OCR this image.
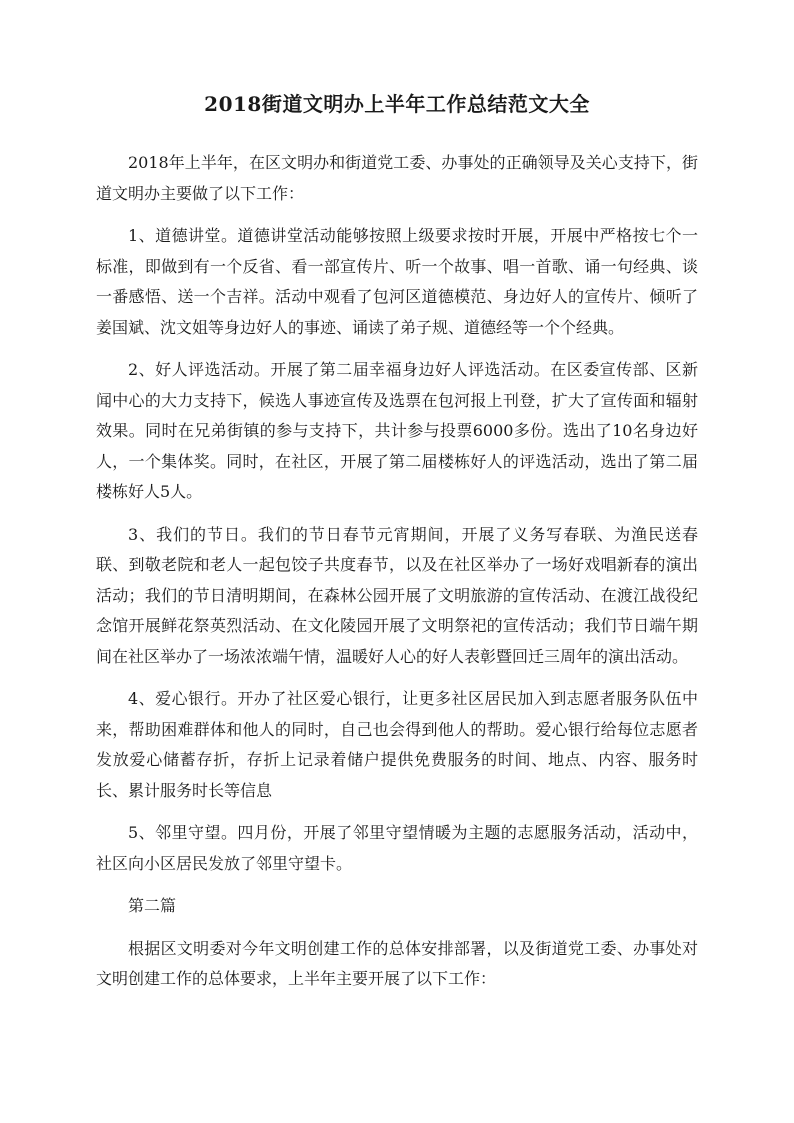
2018街道文明办上半年工作总结范文大全

2018年上半年，在区文明办和街道党工委、办事处的正确领导及关心支持下，街道文明办主要做了以下工作：

1、道德讲堂。道德讲堂活动能够按照上级要求按时开展，开展中严格按七个一标准，即做到有一个反省、看一部宣传片、听一个故事、唱一首歌、诵一句经典、谈一番感悟、送一个吉祥。活动中观看了包河区道德模范、身边好人的宣传片、倾听了姜国斌、沈文姐等身边好人的事迹、诵读了弟子规、道德经等一个个经典。

2、好人评选活动。开展了第二届幸福身边好人评选活动。在区委宣传部、区新闻中心的大力支持下，候选人事迹宣传及选票在包河报上刊登，扩大了宣传面和辐射效果。同时在兄弟街镇的参与支持下，共计参与投票6000多份。选出了10名身边好人，一个集体奖。同时，在社区，开展了第二届楼栋好人的评选活动，选出了第二届楼栋好人5人。

3、我们的节日。我们的节日春节元宵期间，开展了义务写春联、为渔民送春联、到敬老院和老人一起包饺子共度春节，以及在社区举办了一场好戏唱新春的演出活动；我们的节日清明期间，在森林公园开展了文明旅游的宣传活动、在渡江战役纪念馆开展鲜花祭英烈活动、在文化陵园开展了文明祭祀的宣传活动；我们节日端午期间在社区举办了一场浓浓端午情，温暖好人心的好人表彰暨回迁三周年的演出活动。

4、爱心银行。开办了社区爱心银行，让更多社区居民加入到志愿者服务队伍中来，帮助困难群体和他人的同时，自己也会得到他人的帮助。爱心银行给每位志愿者发放爱心储蓄存折，存折上记录着储户提供免费服务的时间、地点、内容、服务时长、累计服务时长等信息

5、邻里守望。四月份，开展了邻里守望情暖为主题的志愿服务活动，活动中，社区向小区居民发放了邻里守望卡。

第二篇

根据区文明委对今年文明创建工作的总体安排部署，以及街道党工委、办事处对文明创建工作的总体要求，上半年主要开展了以下工作：
